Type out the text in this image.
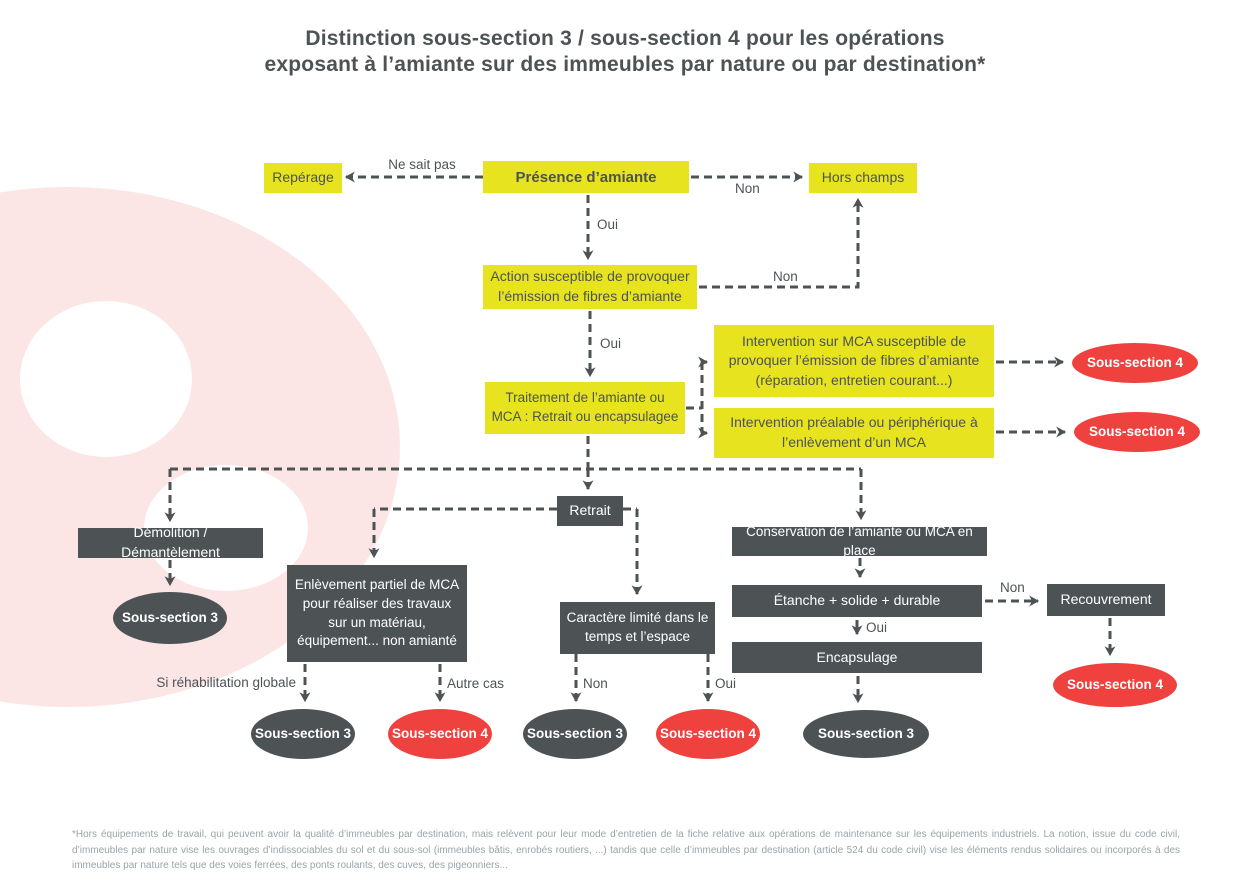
Distinction sous-section 3 / sous-section 4 pour les opérations
exposant à l’amiante sur des immeubles par nature ou par destination*
Repérage	Présence d’amiante	Hors champs
Action susceptible de provoquer l’émission de fibres d’amiante
Traitement de l’amiante ou MCA : Retrait ou encapsulagee
Intervention sur MCA susceptible de provoquer l’émission de fibres d’amiante (réparation, entretien courant...)
Intervention préalable ou périphérique à l’enlèvement d’un MCA
Démolition / Démantèlement
Enlèvement partiel de MCA pour réaliser des travaux sur un matériau, équipement... non amianté
Retrait
Caractère limité dans le temps et l’espace
Conservation de l’amiante ou MCA en place
Étanche + solide + durable	Recouvrement
Encapsulage
Sous-section 4
Sous-section 4
Sous-section 3
Sous-section 3	Sous-section 4	Sous-section 3	Sous-section 4	Sous-section 3
Sous-section 4
Ne sait pas
Non
Oui
Non
Oui
Si réhabilitation globale	Autre cas	Non	Oui
Non
Oui
*Hors équipements de travail, qui peuvent avoir la qualité d’immeubles par destination, mais relèvent pour leur mode d’entretien de la fiche relative aux opérations de maintenance sur les équipements industriels. La notion, issue du code civil, d’immeubles par nature vise les ouvrages d’indissociables du sol et du sous-sol (immeubles bâtis, enrobés routiers, ...) tandis que celle d’immeubles par destination (article 524 du code civil) vise les éléments rendus solidaires ou incorporés à des immeubles par nature tels que des voies ferrées, des ponts roulants, des cuves, des pigeonniers...
